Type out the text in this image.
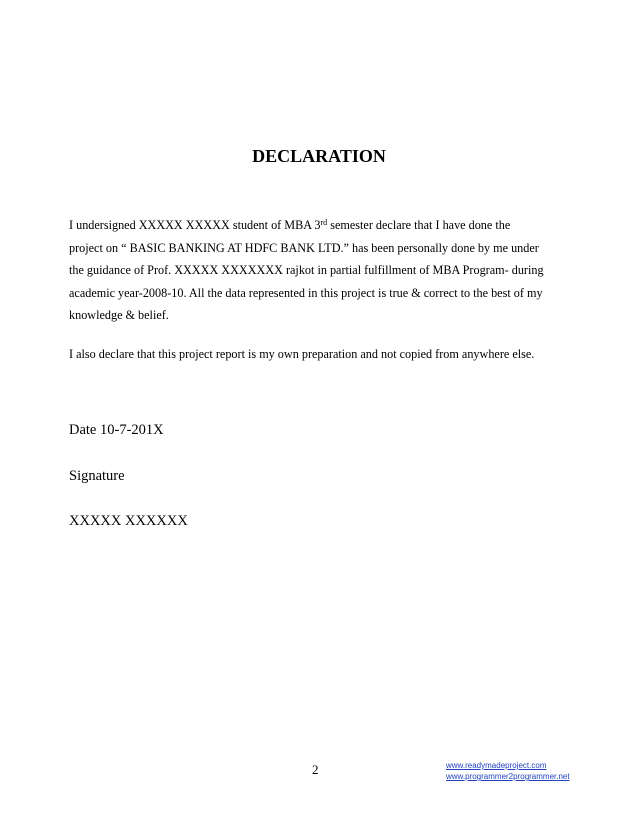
DECLARATION

I undersigned XXXXX XXXXX student of MBA 3rd semester declare that I have done the
project on “ BASIC BANKING AT HDFC BANK LTD.” has been personally done by me under
the guidance of Prof. XXXXX XXXXXXX rajkot in partial fulfillment of MBA Program- during
academic year-2008-10. All the data represented in this project is true & correct to the best of my
knowledge & belief.

I also declare that this project report is my own preparation and not copied from anywhere else.

Date 10-7-201X

Signature

XXXXX XXXXXX

2	www.readymadeproject.com
www.programmer2programmer.net
